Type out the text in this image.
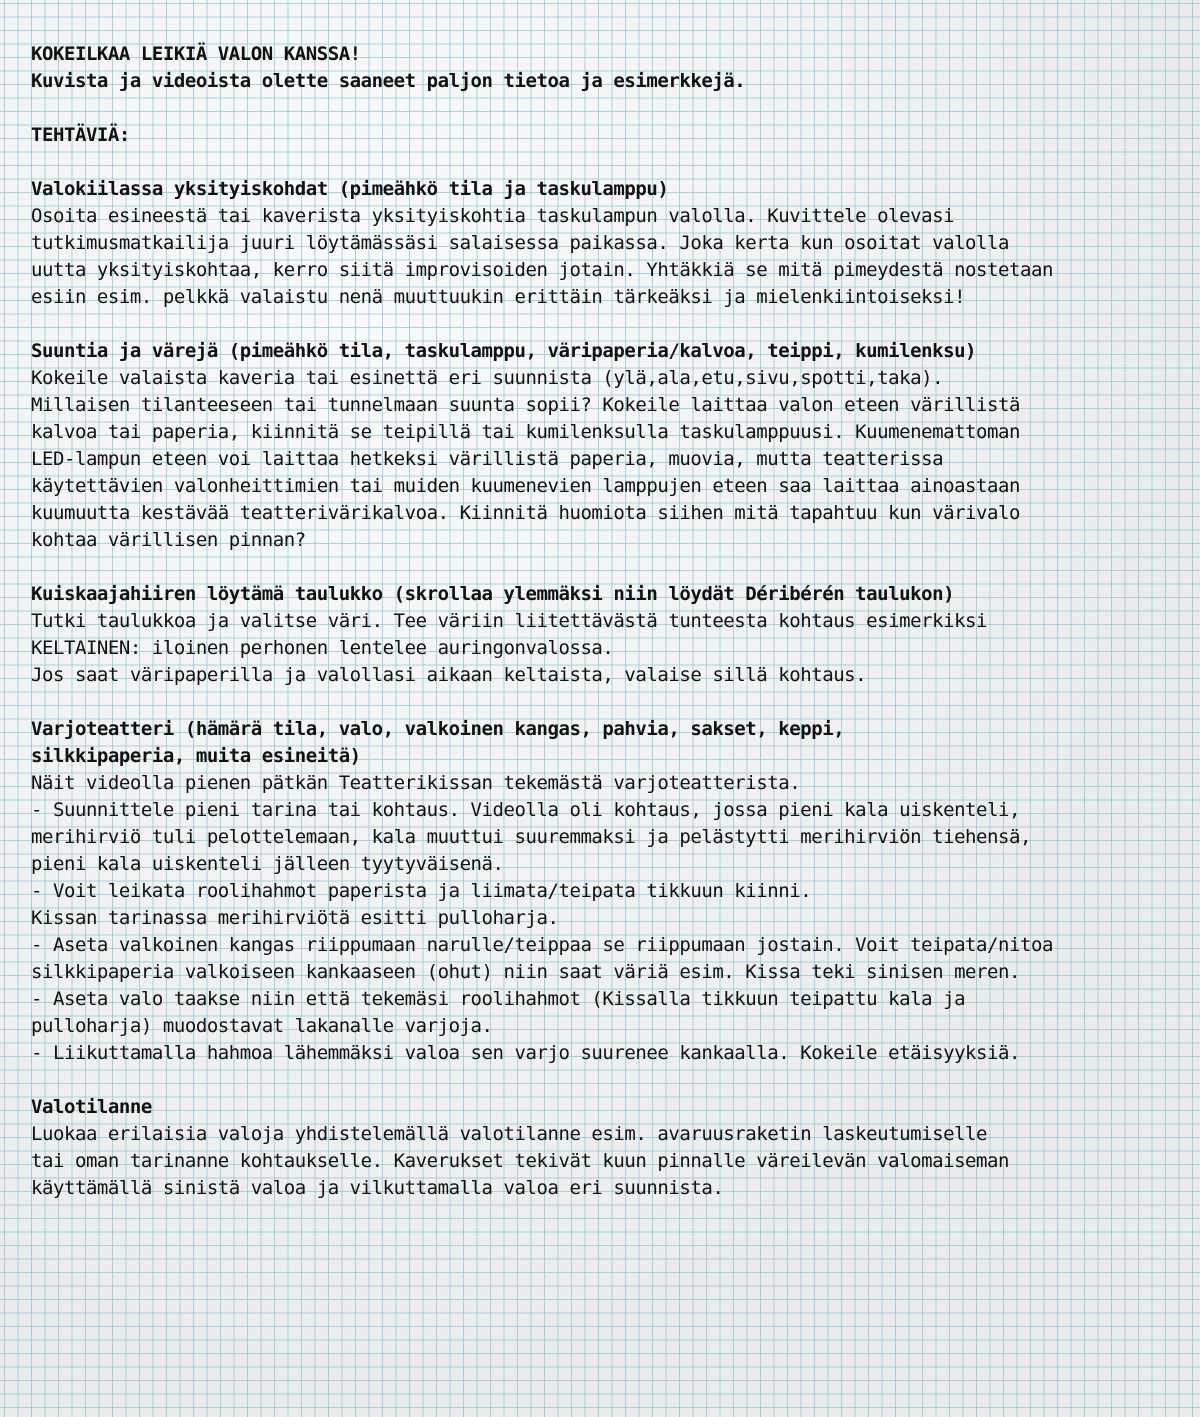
KOKEILKAA LEIKIÄ VALON KANSSA!
Kuvista ja videoista olette saaneet paljon tietoa ja esimerkkejä.
TEHTÄVIÄ:
Valokiilassa yksityiskohdat (pimeähkö tila ja taskulamppu)
Osoita esineestä tai kaverista yksityiskohtia taskulampun valolla. Kuvittele olevasi
tutkimusmatkailija juuri löytämässäsi salaisessa paikassa. Joka kerta kun osoitat valolla
uutta yksityiskohtaa, kerro siitä improvisoiden jotain. Yhtäkkiä se mitä pimeydestä nostetaan
esiin esim. pelkkä valaistu nenä muuttuukin erittäin tärkeäksi ja mielenkiintoiseksi!
Suuntia ja värejä (pimeähkö tila, taskulamppu, väripaperia/kalvoa, teippi, kumilenksu)
Kokeile valaista kaveria tai esinettä eri suunnista (ylä,ala,etu,sivu,spotti,taka).
Millaisen tilanteeseen tai tunnelmaan suunta sopii? Kokeile laittaa valon eteen värillistä
kalvoa tai paperia, kiinnitä se teipillä tai kumilenksulla taskulamppuusi. Kuumenemattoman
LED-lampun eteen voi laittaa hetkeksi värillistä paperia, muovia, mutta teatterissa
käytettävien valonheittimien tai muiden kuumenevien lamppujen eteen saa laittaa ainoastaan
kuumuutta kestävää teatterivärikalvoa. Kiinnitä huomiota siihen mitä tapahtuu kun värivalo
kohtaa värillisen pinnan?
Kuiskaajahiiren löytämä taulukko (skrollaa ylemmäksi niin löydät Déribérén taulukon)
Tutki taulukkoa ja valitse väri. Tee väriin liitettävästä tunteesta kohtaus esimerkiksi
KELTAINEN: iloinen perhonen lentelee auringonvalossa.
Jos saat väripaperilla ja valollasi aikaan keltaista, valaise sillä kohtaus.
Varjoteatteri (hämärä tila, valo, valkoinen kangas, pahvia, sakset, keppi,
silkkipaperia, muita esineitä)
Näit videolla pienen pätkän Teatterikissan tekemästä varjoteatterista.
- Suunnittele pieni tarina tai kohtaus. Videolla oli kohtaus, jossa pieni kala uiskenteli,
merihirviö tuli pelottelemaan, kala muuttui suuremmaksi ja pelästytti merihirviön tiehensä,
pieni kala uiskenteli jälleen tyytyväisenä.
- Voit leikata roolihahmot paperista ja liimata/teipata tikkuun kiinni.
Kissan tarinassa merihirviötä esitti pulloharja.
- Aseta valkoinen kangas riippumaan narulle/teippaa se riippumaan jostain. Voit teipata/nitoa
silkkipaperia valkoiseen kankaaseen (ohut) niin saat väriä esim. Kissa teki sinisen meren.
- Aseta valo taakse niin että tekemäsi roolihahmot (Kissalla tikkuun teipattu kala ja
pulloharja) muodostavat lakanalle varjoja.
- Liikuttamalla hahmoa lähemmäksi valoa sen varjo suurenee kankaalla. Kokeile etäisyyksiä.
Valotilanne
Luokaa erilaisia valoja yhdistelemällä valotilanne esim. avaruusraketin laskeutumiselle
tai oman tarinanne kohtaukselle. Kaverukset tekivät kuun pinnalle väreilevän valomaiseman
käyttämällä sinistä valoa ja vilkuttamalla valoa eri suunnista.
